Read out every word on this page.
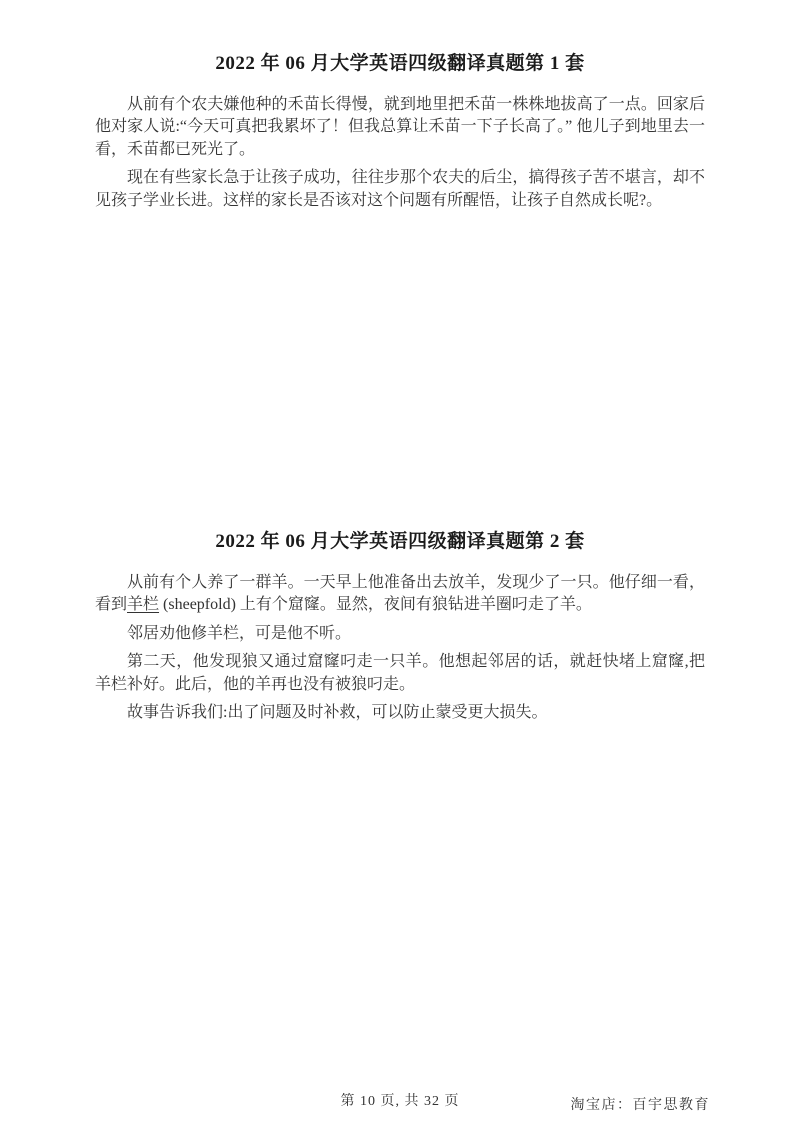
2022 年 06 月大学英语四级翻译真题第 1 套

从前有个农夫嫌他种的禾苗长得慢，就到地里把禾苗一株株地拔高了一点。回家后他对家人说:“今天可真把我累坏了！但我总算让禾苗一下子长高了。” 他儿子到地里去一看，禾苗都已死光了。

现在有些家长急于让孩子成功，往往步那个农夫的后尘，搞得孩子苦不堪言，却不见孩子学业长进。这样的家长是否该对这个问题有所醒悟，让孩子自然成长呢?。

2022 年 06 月大学英语四级翻译真题第 2 套

从前有个人养了一群羊。一天早上他准备出去放羊，发现少了一只。他仔细一看，看到羊栏 (sheepfold) 上有个窟窿。显然，夜间有狼钻进羊圈叼走了羊。

邻居劝他修羊栏，可是他不听。

第二天，他发现狼又通过窟窿叼走一只羊。他想起邻居的话，就赶快堵上窟窿,把羊栏补好。此后，他的羊再也没有被狼叼走。

故事告诉我们:出了问题及时补救，可以防止蒙受更大损失。

第 10 页, 共 32 页	淘宝店：百宇思教育
